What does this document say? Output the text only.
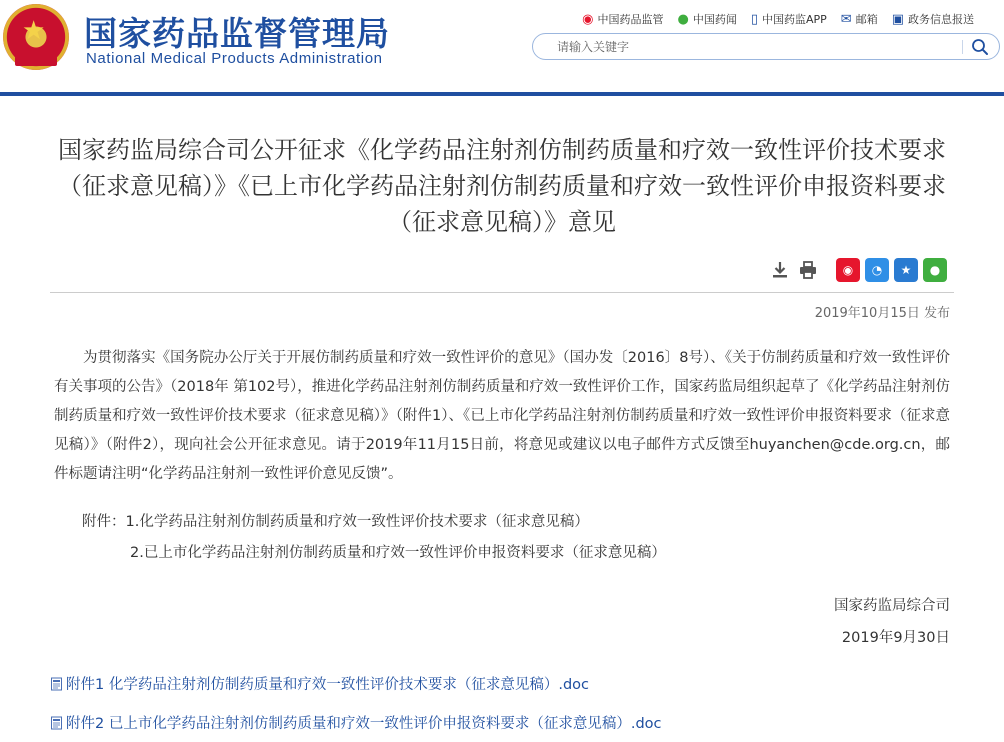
★ 国家药品监督管理局
National Medical Products Administration
◉ 中国药品监管 ● 中国药闻 ▯ 中国药监APP ✉ 邮箱 ▣ 政务信息报送
请输入关键字
国家药监局综合司公开征求《化学药品注射剂仿制药质量和疗效一致性评价技术要求（征求意见稿）》《已上市化学药品注射剂仿制药质量和疗效一致性评价申报资料要求（征求意见稿）》意见
◉	◔	★	●
2019年10月15日 发布

为贯彻落实《国务院办公厅关于开展仿制药质量和疗效一致性评价的意见》（国办发〔2016〕8号）、《关于仿制药质量和疗效一致性评价有关事项的公告》（2018年 第102号），推进化学药品注射剂仿制药质量和疗效一致性评价工作，国家药监局组织起草了《化学药品注射剂仿制药质量和疗效一致性评价技术要求（征求意见稿）》（附件1）、《已上市化学药品注射剂仿制药质量和疗效一致性评价申报资料要求（征求意见稿）》（附件2），现向社会公开征求意见。请于2019年11月15日前，将意见或建议以电子邮件方式反馈至huyanchen@cde.org.cn，邮件标题请注明“化学药品注射剂一致性评价意见反馈”。

附件：1.化学药品注射剂仿制药质量和疗效一致性评价技术要求（征求意见稿）
2.已上市化学药品注射剂仿制药质量和疗效一致性评价申报资料要求（征求意见稿）
国家药监局综合司
2019年9月30日
附件1 化学药品注射剂仿制药质量和疗效一致性评价技术要求（征求意见稿）.doc
附件2 已上市化学药品注射剂仿制药质量和疗效一致性评价申报资料要求（征求意见稿）.doc
